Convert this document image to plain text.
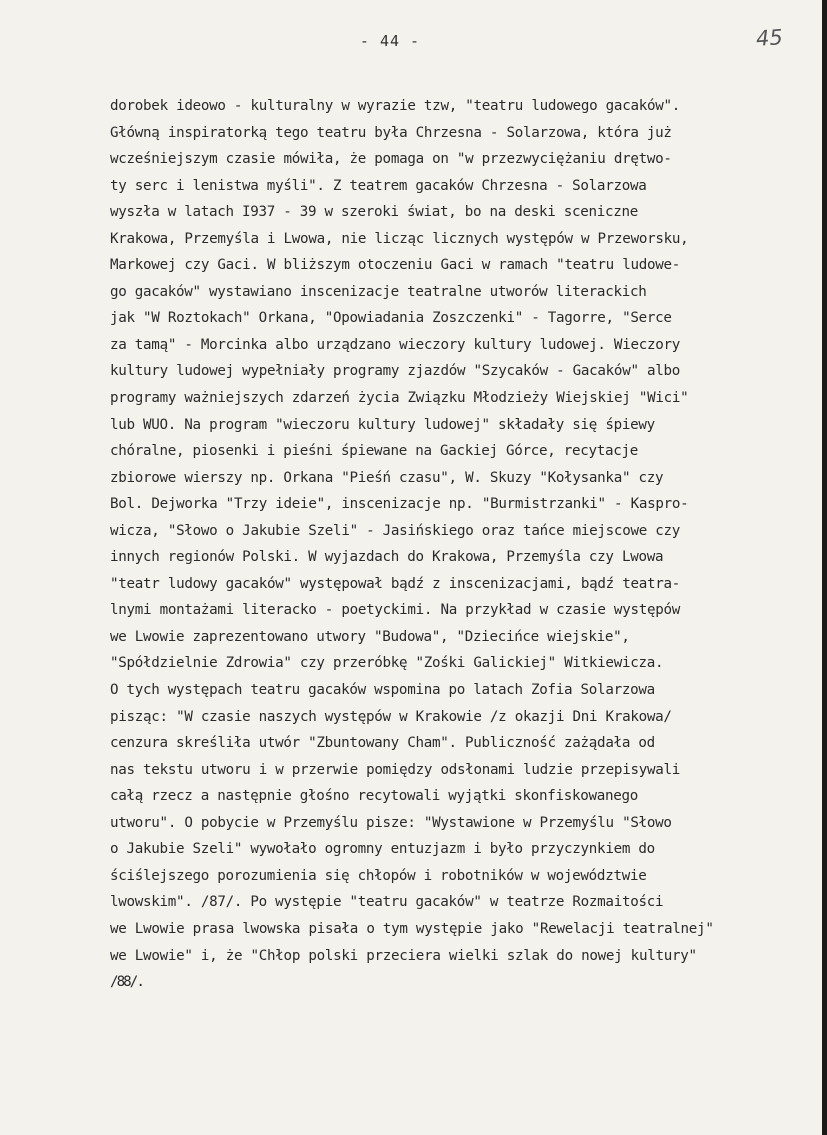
- 44 -	45
dorobek ideowo - kulturalny w wyrazie tzw, "teatru ludowego gacaków".
Główną inspiratorką tego teatru była Chrzesna - Solarzowa, która już
wcześniejszym czasie mówiła, że pomaga on "w przezwyciężaniu drętwo-
ty serc i lenistwa myśli". Z teatrem gacaków Chrzesna - Solarzowa
wyszła w latach I937 - 39 w szeroki świat, bo na deski sceniczne
Krakowa, Przemyśla i Lwowa, nie licząc licznych występów w Przeworsku,
Markowej czy Gaci. W bliższym otoczeniu Gaci w ramach "teatru ludowe-
go gacaków" wystawiano inscenizacje teatralne utworów literackich
jak "W Roztokach" Orkana, "Opowiadania Zoszczenki" - Tagorre, "Serce
za tamą" - Morcinka albo urządzano wieczory kultury ludowej. Wieczory
kultury ludowej wypełniały programy zjazdów "Szycaków - Gacaków" albo
programy ważniejszych zdarzeń życia Związku Młodzieży Wiejskiej "Wici"
lub WUO. Na program "wieczoru kultury ludowej" składały się śpiewy
chóralne, piosenki i pieśni śpiewane na Gackiej Górce, recytacje
zbiorowe wierszy np. Orkana "Pieśń czasu", W. Skuzy "Kołysanka" czy
Bol. Dejworka "Trzy ideie", inscenizacje np. "Burmistrzanki" - Kaspro-
wicza, "Słowo o Jakubie Szeli" - Jasińskiego oraz tańce miejscowe czy
innych regionów Polski. W wyjazdach do Krakowa, Przemyśla czy Lwowa
"teatr ludowy gacaków" występował bądź z inscenizacjami, bądź teatra-
lnymi montażami literacko - poetyckimi. Na przykład w czasie występów
we Lwowie zaprezentowano utwory "Budowa", "Dziecińce wiejskie",
"Spółdzielnie Zdrowia" czy przeróbkę "Zośki Galickiej" Witkiewicza.
O tych występach teatru gacaków wspomina po latach Zofia Solarzowa
pisząc: "W czasie naszych występów w Krakowie /z okazji Dni Krakowa/
cenzura skreśliła utwór "Zbuntowany Cham". Publiczność zażądała od
nas tekstu utworu i w przerwie pomiędzy odsłonami ludzie przepisywali
całą rzecz a następnie głośno recytowali wyjątki skonfiskowanego
utworu". O pobycie w Przemyślu pisze: "Wystawione w Przemyślu "Słowo
o Jakubie Szeli" wywołało ogromny entuzjazm i było przyczynkiem do
ściślejszego porozumienia się chłopów i robotników w województwie
lwowskim". /87/. Po występie "teatru gacaków" w teatrze Rozmaitości
we Lwowie prasa lwowska pisała o tym występie jako "Rewelacji teatralnej"
we Lwowie" i, że "Chłop polski przeciera wielki szlak do nowej kultury"
/88/.
